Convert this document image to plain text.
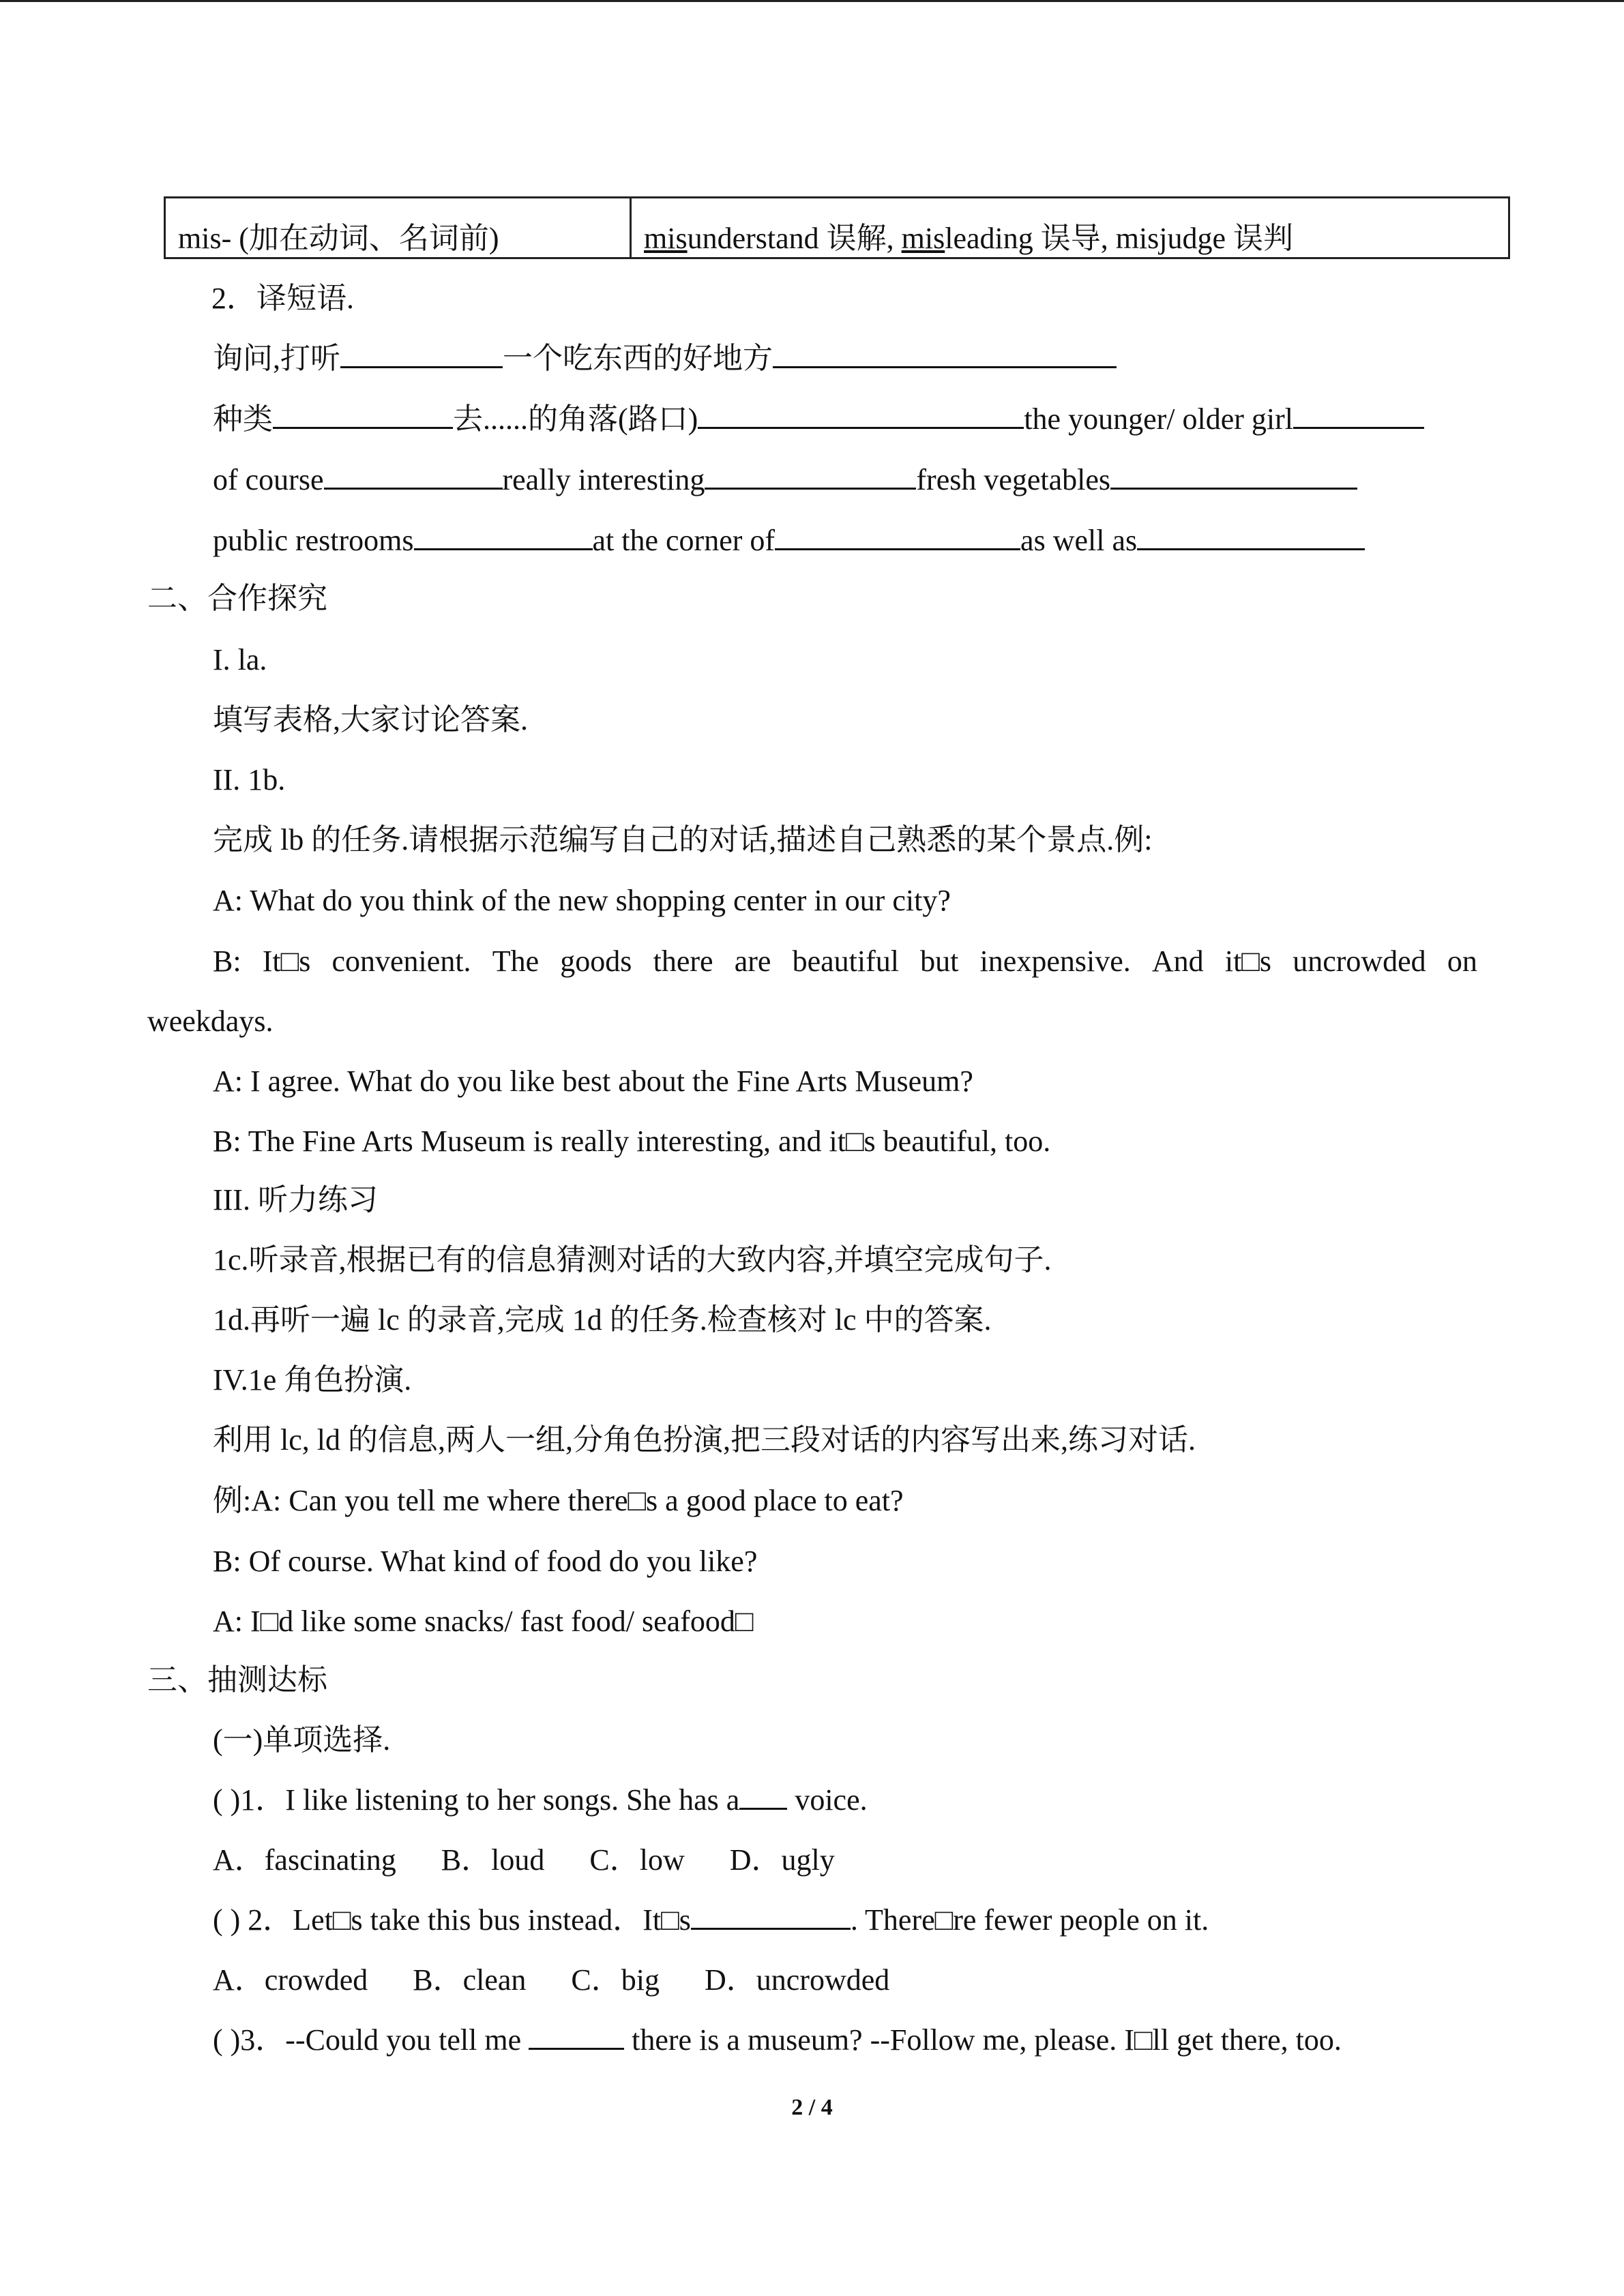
mis- (加在动词、名词前)	misunderstand 误解, misleading 误导, misjudge 误判
2．译短语.
询问,打听	一个吃东西的好地方
种类	去......的角落(路口)	the younger/ older girl
of course	really interesting	fresh vegetables
public restrooms	at the corner of	as well as
二、合作探究
I. la.
填写表格,大家讨论答案.
II. 1b.
完成 lb 的任务.请根据示范编写自己的对话,描述自己熟悉的某个景点.例:
A: What do you think of the new shopping center in our city?
B: It□s convenient. The goods there are beautiful but inexpensive. And it□s uncrowded on
weekdays.
A: I agree. What do you like best about the Fine Arts Museum?
B: The Fine Arts Museum is really interesting, and it□s beautiful, too.
III. 听力练习
1c.听录音,根据已有的信息猜测对话的大致内容,并填空完成句子.
1d.再听一遍 lc 的录音,完成 1d 的任务.检查核对 lc 中的答案.
IV.1e 角色扮演.
利用 lc, ld 的信息,两人一组,分角色扮演,把三段对话的内容写出来,练习对话.
例:A: Can you tell me where there□s a good place to eat?
B: Of course. What kind of food do you like?
A: I□d like some snacks/ fast food/ seafood□
三、抽测达标
(一)单项选择.
( )1．I like listening to her songs. She has a voice.
A．fascinating      B．loud      C．low      D．ugly
( ) 2．Let□s take this bus instead．It□s	. There□re fewer people on it.
A．crowded      B．clean      C．big      D．uncrowded
( )3．--Could you tell me	there is a museum? --Follow me, please. I□ll get there, too.
2 / 4
